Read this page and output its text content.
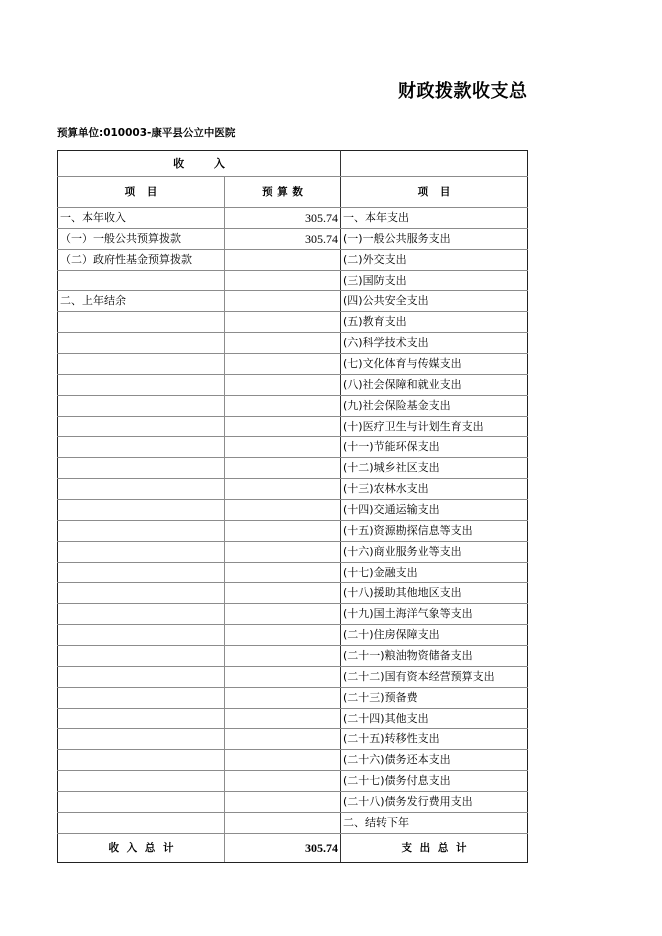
财政拨款收支总
预算单位:010003-康平县公立中医院
收 入		
项 目	预 算 数	项 目
一、本年收入	305.74	一、本年支出
（一）一般公共预算拨款	305.74	(一)一般公共服务支出
（二）政府性基金预算拨款		(二)外交支出
		(三)国防支出
二、上年结余		(四)公共安全支出
		(五)教育支出
		(六)科学技术支出
		(七)文化体育与传媒支出
		(八)社会保障和就业支出
		(九)社会保险基金支出
		(十)医疗卫生与计划生育支出
		(十一)节能环保支出
		(十二)城乡社区支出
		(十三)农林水支出
		(十四)交通运输支出
		(十五)资源勘探信息等支出
		(十六)商业服务业等支出
		(十七)金融支出
		(十八)援助其他地区支出
		(十九)国土海洋气象等支出
		(二十)住房保障支出
		(二十一)粮油物资储备支出
		(二十二)国有资本经营预算支出
		(二十三)预备费
		(二十四)其他支出
		(二十五)转移性支出
		(二十六)债务还本支出
		(二十七)债务付息支出
		(二十八)债务发行费用支出
		二、结转下年
收 入 总 计	305.74	支 出 总 计
